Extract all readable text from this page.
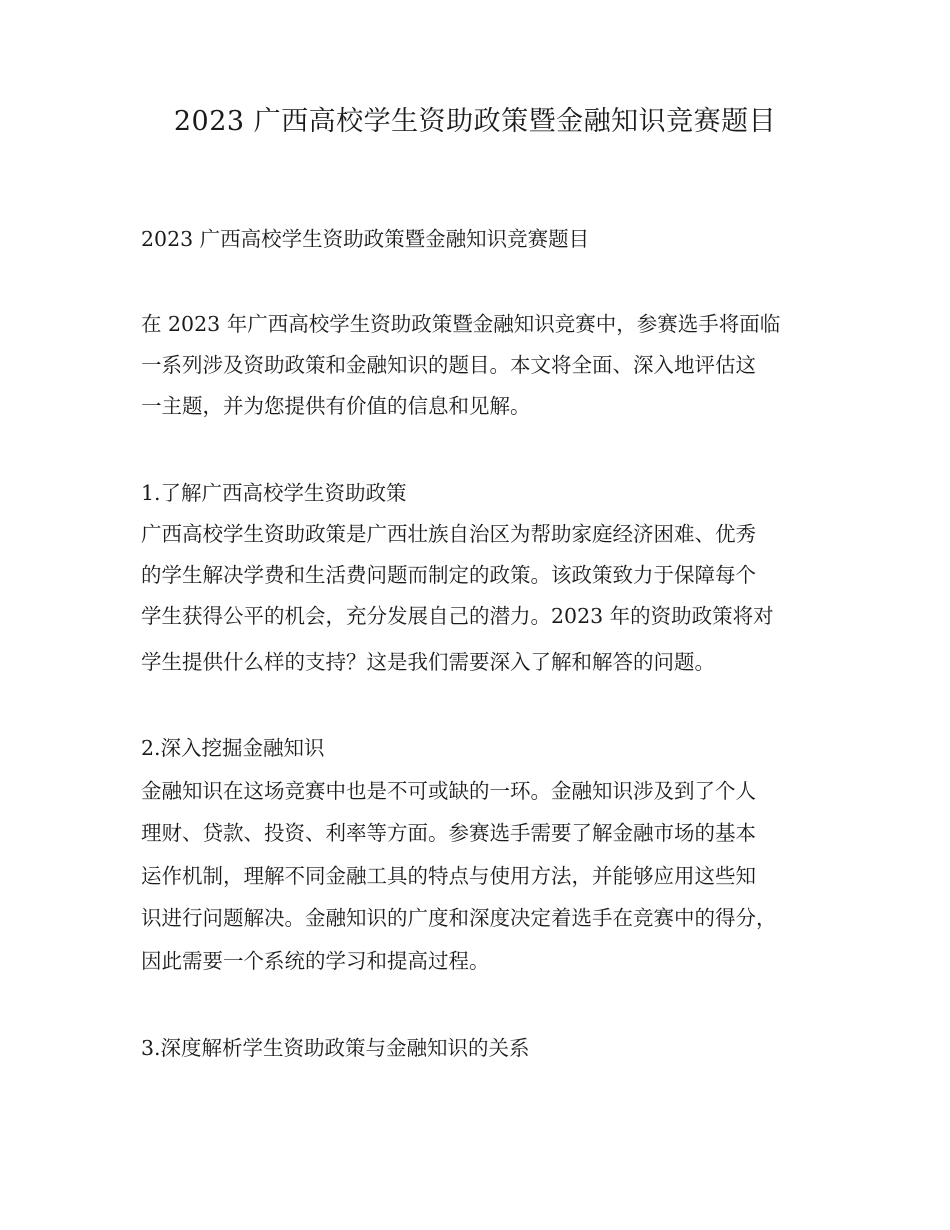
2023 广西高校学生资助政策暨金融知识竞赛题目
2023 广西高校学生资助政策暨金融知识竞赛题目
在 2023 年广西高校学生资助政策暨金融知识竞赛中，参赛选手将面临
一系列涉及资助政策和金融知识的题目。本文将全面、深入地评估这
一主题，并为您提供有价值的信息和见解。
1.了解广西高校学生资助政策
广西高校学生资助政策是广西壮族自治区为帮助家庭经济困难、优秀
的学生解决学费和生活费问题而制定的政策。该政策致力于保障每个
学生获得公平的机会，充分发展自己的潜力。2023 年的资助政策将对
学生提供什么样的支持？这是我们需要深入了解和解答的问题。
2.深入挖掘金融知识
金融知识在这场竞赛中也是不可或缺的一环。金融知识涉及到了个人
理财、贷款、投资、利率等方面。参赛选手需要了解金融市场的基本
运作机制，理解不同金融工具的特点与使用方法，并能够应用这些知
识进行问题解决。金融知识的广度和深度决定着选手在竞赛中的得分，
因此需要一个系统的学习和提高过程。
3.深度解析学生资助政策与金融知识的关系
